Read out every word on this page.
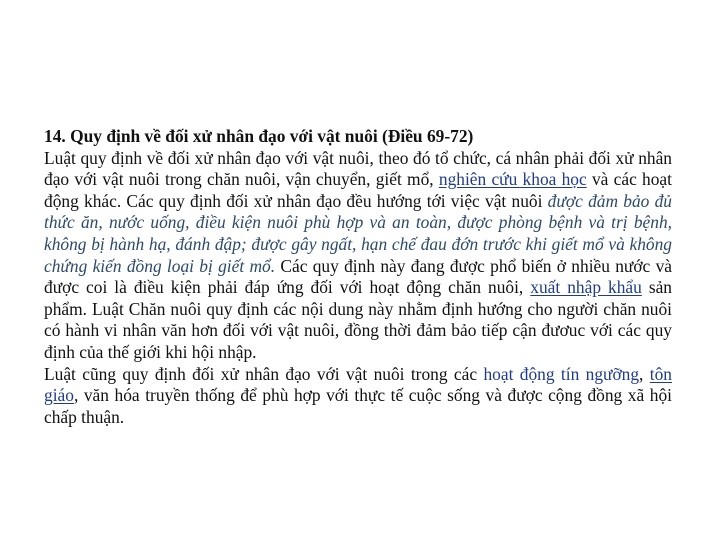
14. Quy định về đối xử nhân đạo với vật nuôi (Điều 69-72)

Luật quy định về đối xử nhân đạo với vật nuôi, theo đó tổ chức, cá nhân phải đối xử nhân đạo với vật nuôi trong chăn nuôi, vận chuyển, giết mổ, nghiên cứu khoa học và các hoạt động khác. Các quy định đối xử nhân đạo đều hướng tới việc vật nuôi được đảm bảo đủ thức ăn, nước uống, điều kiện nuôi phù hợp và an toàn, được phòng bệnh và trị bệnh, không bị hành hạ, đánh đập; được gây ngất, hạn chế đau đớn trước khi giết mổ và không chứng kiến đồng loại bị giết mổ. Các quy định này đang được phổ biến ở nhiều nước và được coi là điều kiện phải đáp ứng đối với hoạt động chăn nuôi, xuất nhập khẩu sản phẩm. Luật Chăn nuôi quy định các nội dung này nhằm định hướng cho người chăn nuôi có hành vi nhân văn hơn đối với vật nuôi, đồng thời đảm bảo tiếp cận đươuc với các quy định của thế giới khi hội nhập.

Luật cũng quy định đối xử nhân đạo với vật nuôi trong các hoạt động tín ngưỡng, tôn giáo, văn hóa truyền thống để phù hợp với thực tế cuộc sống và được cộng đồng xã hội chấp thuận.
